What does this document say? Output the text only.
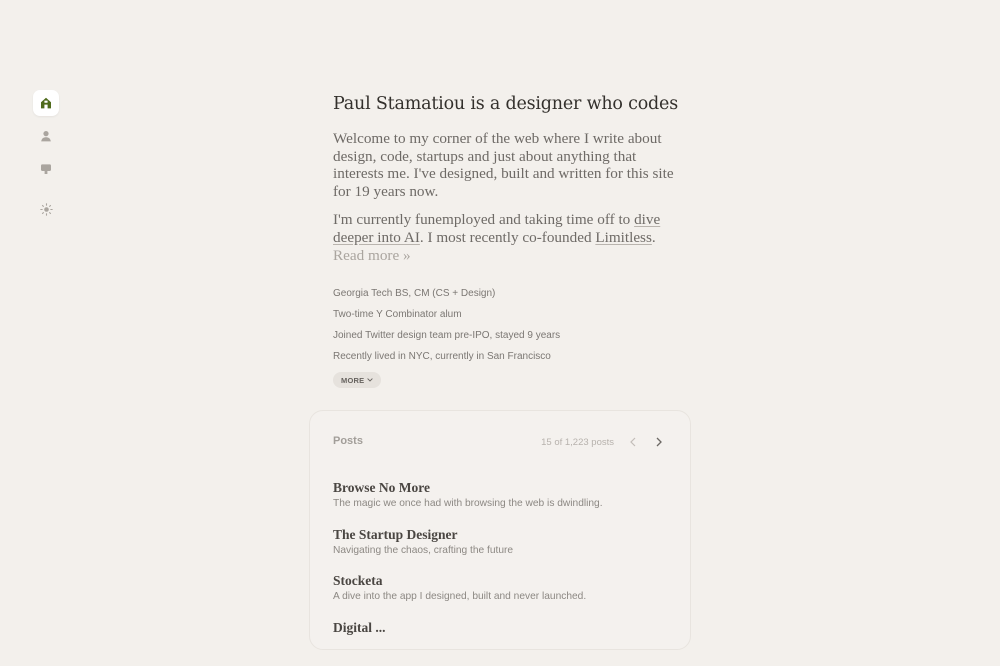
Paul Stamatiou is a designer who codes

Welcome to my corner of the web where I write about design, code, startups and just about anything that interests me. I've designed, built and written for this site for 19 years now.

I'm currently funemployed and taking time off to dive deeper into AI. I most recently co-founded Limitless. Read more »

Georgia Tech BS, CM (CS + Design)
Two-time Y Combinator alum
Joined Twitter design team pre-IPO, stayed 9 years
Recently lived in NYC, currently in San Francisco
MORE
Posts	15 of 1,223 posts
Browse No More
The magic we once had with browsing the web is dwindling.
The Startup Designer
Navigating the chaos, crafting the future
Stocketa
A dive into the app I designed, built and never launched.
Digital ...
